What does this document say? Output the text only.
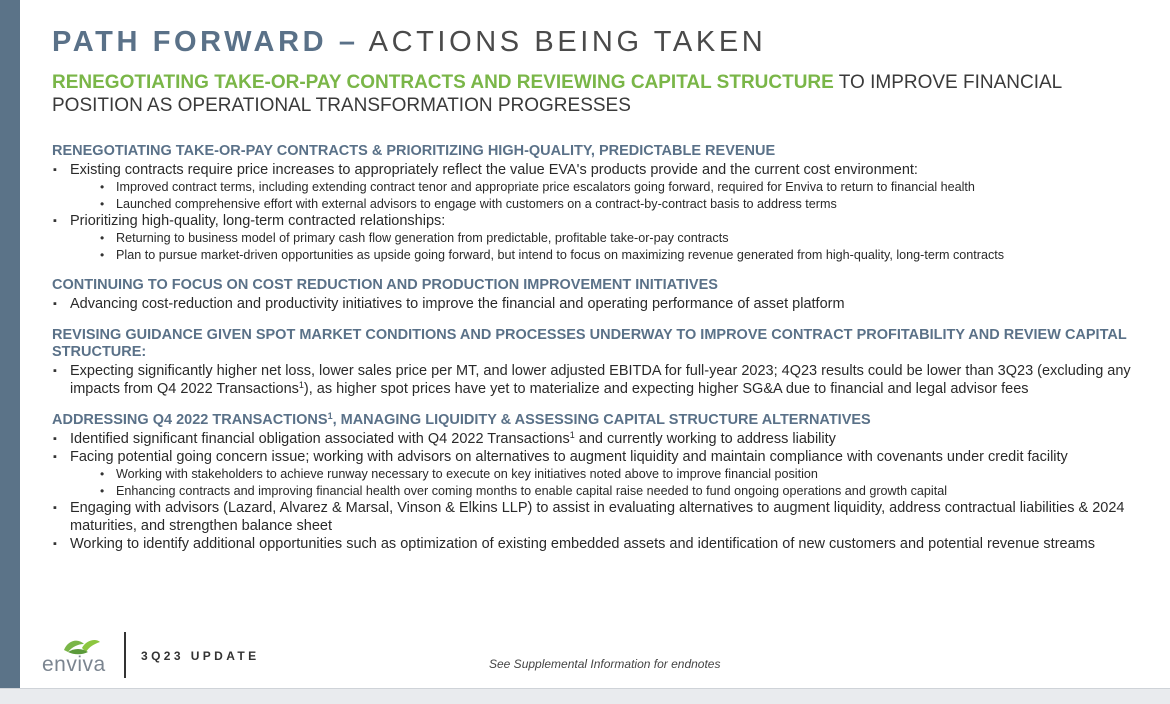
PATH FORWARD – ACTIONS BEING TAKEN
RENEGOTIATING TAKE-OR-PAY CONTRACTS AND REVIEWING CAPITAL STRUCTURE TO IMPROVE FINANCIAL POSITION AS OPERATIONAL TRANSFORMATION PROGRESSES
RENEGOTIATING TAKE-OR-PAY CONTRACTS & PRIORITIZING HIGH-QUALITY, PREDICTABLE REVENUE
▪ Existing contracts require price increases to appropriately reflect the value EVA's products provide and the current cost environment:
• Improved contract terms, including extending contract tenor and appropriate price escalators going forward, required for Enviva to return to financial health
• Launched comprehensive effort with external advisors to engage with customers on a contract-by-contract basis to address terms
▪ Prioritizing high-quality, long-term contracted relationships:
• Returning to business model of primary cash flow generation from predictable, profitable take-or-pay contracts
• Plan to pursue market-driven opportunities as upside going forward, but intend to focus on maximizing revenue generated from high-quality, long-term contracts
CONTINUING TO FOCUS ON COST REDUCTION AND PRODUCTION IMPROVEMENT INITIATIVES
▪ Advancing cost-reduction and productivity initiatives to improve the financial and operating performance of asset platform
REVISING GUIDANCE GIVEN SPOT MARKET CONDITIONS AND PROCESSES UNDERWAY TO IMPROVE CONTRACT PROFITABILITY AND REVIEW CAPITAL STRUCTURE:
▪ Expecting significantly higher net loss, lower sales price per MT, and lower adjusted EBITDA for full-year 2023; 4Q23 results could be lower than 3Q23 (excluding any impacts from Q4 2022 Transactions$^1$), as higher spot prices have yet to materialize and expecting higher SG&A due to financial and legal advisor fees
ADDRESSING Q4 2022 TRANSACTIONS$^1$, MANAGING LIQUIDITY & ASSESSING CAPITAL STRUCTURE ALTERNATIVES
▪ Identified significant financial obligation associated with Q4 2022 Transactions$^1$ and currently working to address liability
▪ Facing potential going concern issue; working with advisors on alternatives to augment liquidity and maintain compliance with covenants under credit facility
• Working with stakeholders to achieve runway necessary to execute on key initiatives noted above to improve financial position
• Enhancing contracts and improving financial health over coming months to enable capital raise needed to fund ongoing operations and growth capital
▪ Engaging with advisors (Lazard, Alvarez & Marsal, Vinson & Elkins LLP) to assist in evaluating alternatives to augment liquidity, address contractual liabilities & 2024
maturities, and strengthen balance sheet
▪ Working to identify additional opportunities such as optimization of existing embedded assets and identification of new customers and potential revenue streams
enviva	3Q23 UPDATE
See Supplemental Information for endnotes
